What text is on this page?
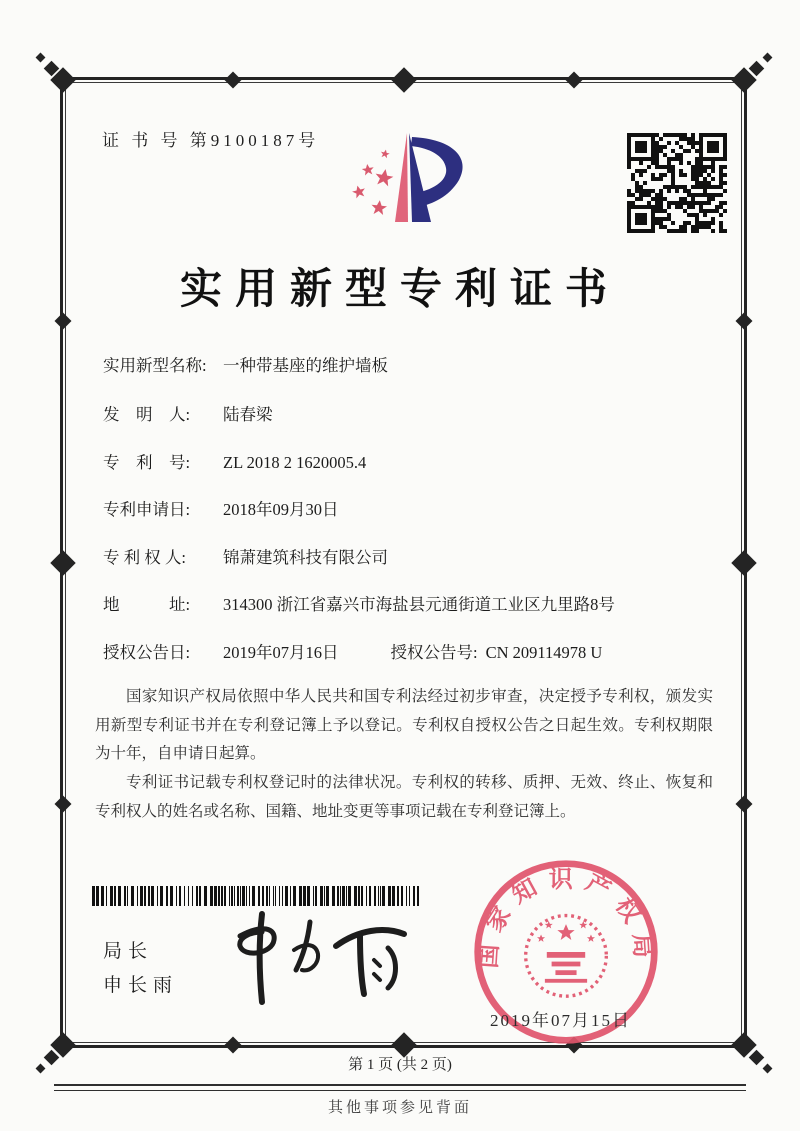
证 书 号 第9100187号
实用新型专利证书
实用新型名称: 一种带基座的维护墙板
发　明　人: 陆春梁
专　利　号: ZL 2018 2 1620005.4
专利申请日: 2018年09月30日
专 利 权 人: 锦萧建筑科技有限公司
地　　　址: 314300 浙江省嘉兴市海盐县元通街道工业区九里路8号
授权公告日: 2019年07月16日	授权公告号: CN 209114978 U

国家知识产权局依照中华人民共和国专利法经过初步审查，决定授予专利权，颁发实用新型专利证书并在专利登记簿上予以登记。专利权自授权公告之日起生效。专利权期限为十年，自申请日起算。

专利证书记载专利权登记时的法律状况。专利权的转移、质押、无效、终止、恢复和专利权人的姓名或名称、国籍、地址变更等事项记载在专利登记簿上。

局长
申长雨
国家知识产权局
2019年07月15日
第 1 页 (共 2 页)
其他事项参见背面
